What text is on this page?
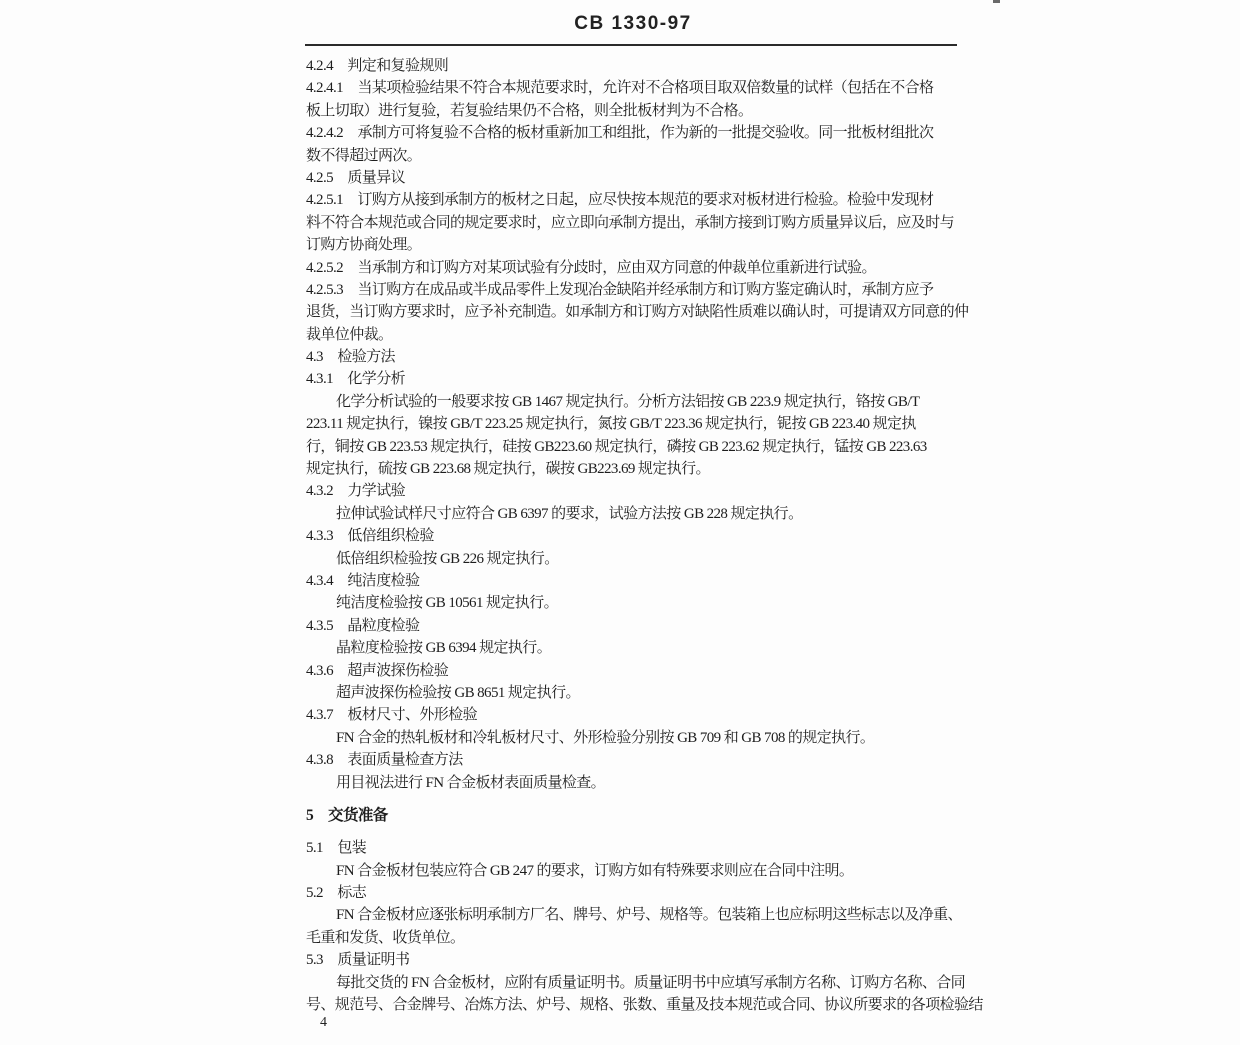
CB 1330-97
4.2.4　判定和复验规则
4.2.4.1　当某项检验结果不符合本规范要求时，允许对不合格项目取双倍数量的试样（包括在不合格
板上切取）进行复验，若复验结果仍不合格，则全批板材判为不合格。
4.2.4.2　承制方可将复验不合格的板材重新加工和组批，作为新的一批提交验收。同一批板材组批次
数不得超过两次。
4.2.5　质量异议
4.2.5.1　订购方从接到承制方的板材之日起，应尽快按本规范的要求对板材进行检验。检验中发现材
料不符合本规范或合同的规定要求时，应立即向承制方提出，承制方接到订购方质量异议后，应及时与
订购方协商处理。
4.2.5.2　当承制方和订购方对某项试验有分歧时，应由双方同意的仲裁单位重新进行试验。
4.2.5.3　当订购方在成品或半成品零件上发现冶金缺陷并经承制方和订购方鉴定确认时，承制方应予
退货，当订购方要求时，应予补充制造。如承制方和订购方对缺陷性质难以确认时，可提请双方同意的仲
裁单位仲裁。
4.3　检验方法
4.3.1　化学分析
化学分析试验的一般要求按 GB 1467 规定执行。分析方法铝按 GB 223.9 规定执行，铬按 GB/T
223.11 规定执行，镍按 GB/T 223.25 规定执行，氮按 GB/T 223.36 规定执行，铌按 GB 223.40 规定执
行，铜按 GB 223.53 规定执行，硅按 GB223.60 规定执行，磷按 GB 223.62 规定执行，锰按 GB 223.63
规定执行，硫按 GB 223.68 规定执行，碳按 GB223.69 规定执行。
4.3.2　力学试验
拉伸试验试样尺寸应符合 GB 6397 的要求，试验方法按 GB 228 规定执行。
4.3.3　低倍组织检验
低倍组织检验按 GB 226 规定执行。
4.3.4　纯洁度检验
纯洁度检验按 GB 10561 规定执行。
4.3.5　晶粒度检验
晶粒度检验按 GB 6394 规定执行。
4.3.6　超声波探伤检验
超声波探伤检验按 GB 8651 规定执行。
4.3.7　板材尺寸、外形检验
FN 合金的热轧板材和冷轧板材尺寸、外形检验分别按 GB 709 和 GB 708 的规定执行。
4.3.8　表面质量检查方法
用目视法进行 FN 合金板材表面质量检查。
5　交货准备
5.1　包装
FN 合金板材包装应符合 GB 247 的要求，订购方如有特殊要求则应在合同中注明。
5.2　标志
FN 合金板材应逐张标明承制方厂名、牌号、炉号、规格等。包装箱上也应标明这些标志以及净重、
毛重和发货、收货单位。
5.3　质量证明书
每批交货的 FN 合金板材，应附有质量证明书。质量证明书中应填写承制方名称、订购方名称、合同
号、规范号、合金牌号、冶炼方法、炉号、规格、张数、重量及技本规范或合同、协议所要求的各项检验结
4
